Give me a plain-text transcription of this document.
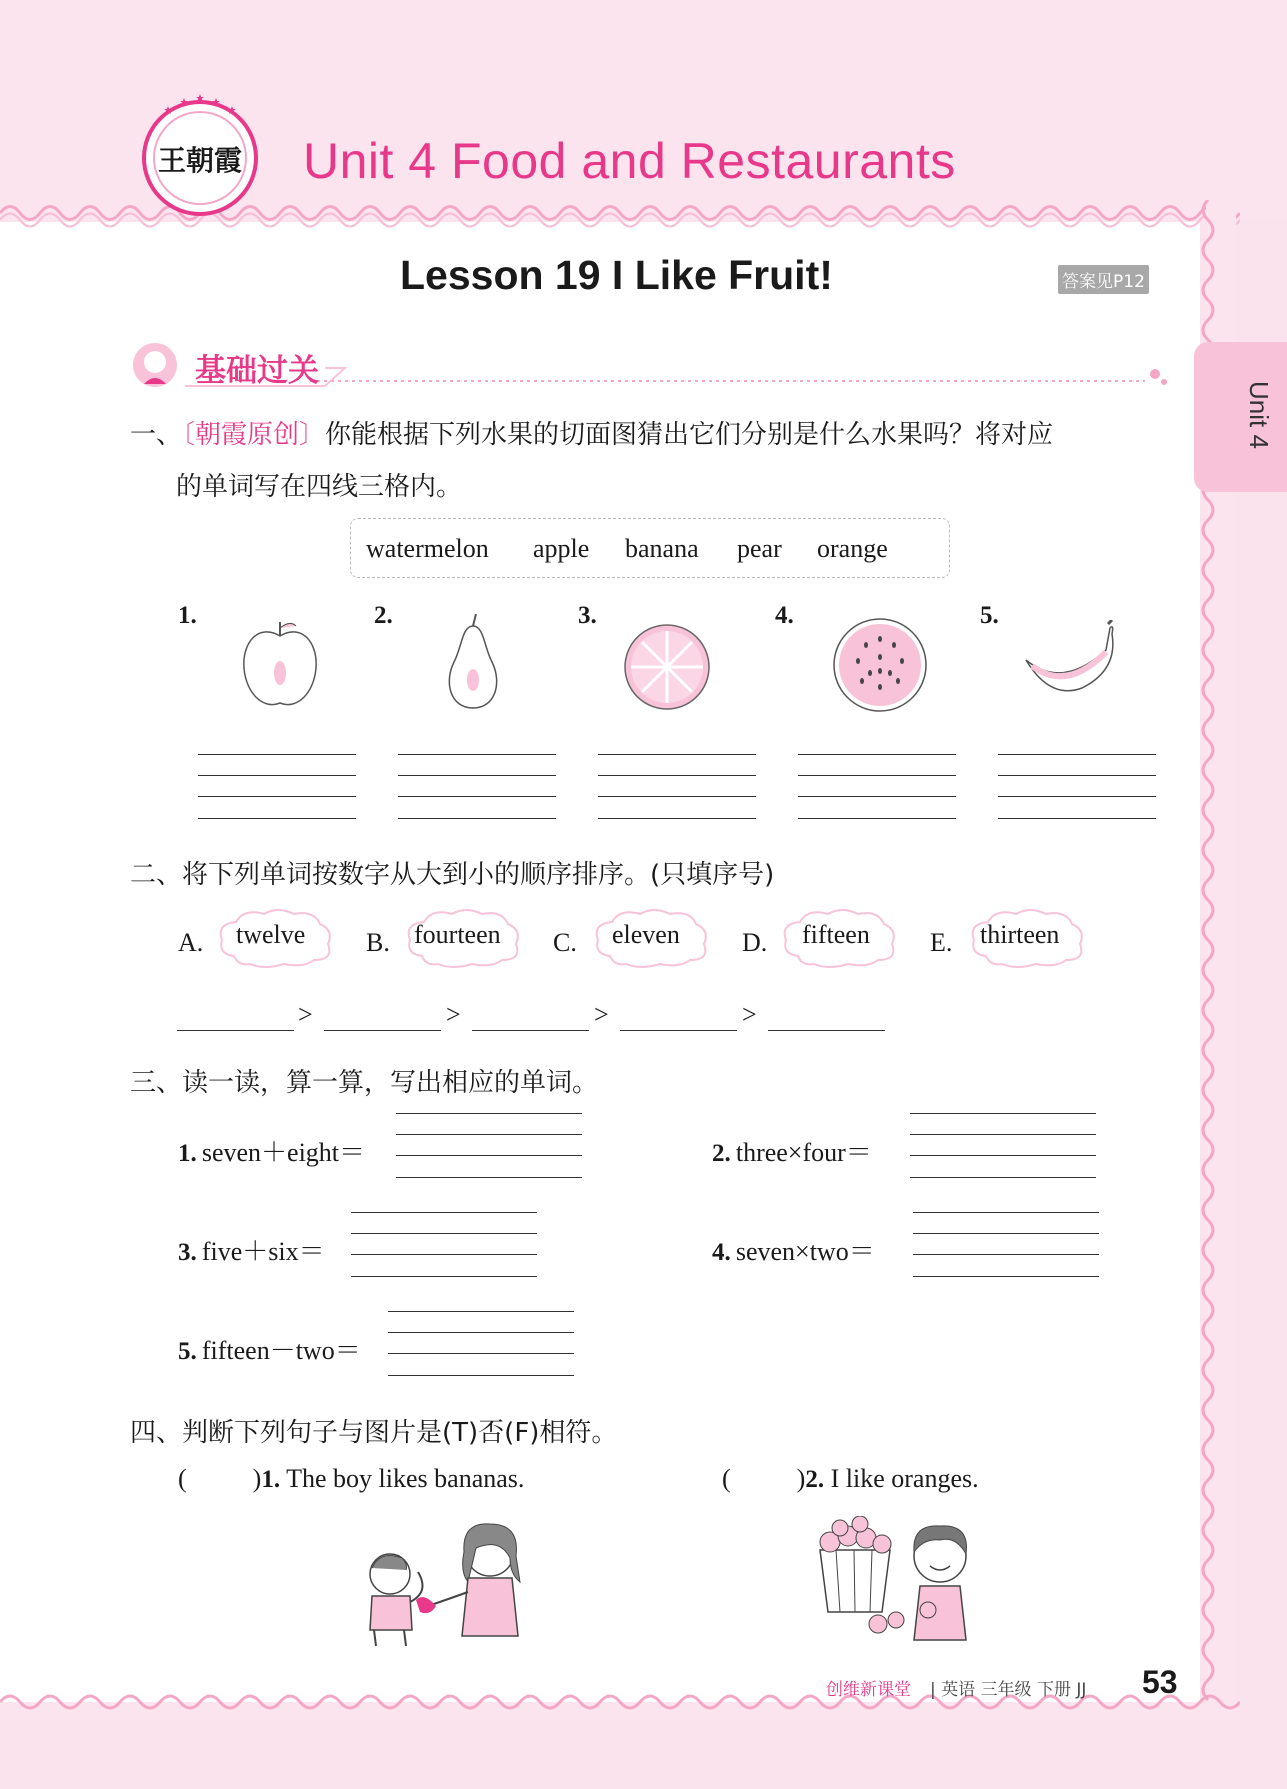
王朝霞 Unit 4 Food and Restaurants
Lesson 19 I Like Fruit!	答案见P12
Unit 4
基础过关
一、〔朝霞原创〕你能根据下列水果的切面图猜出它们分别是什么水果吗？将对应
的单词写在四线三格内。
watermelon apple banana pear orange
1.	2.	3.	4.	5.
二、将下列单词按数字从大到小的顺序排序。(只填序号)
A. twelve B. fourteen C. eleven D. fifteen E. thirteen
>	>	>	>
三、读一读，算一算，写出相应的单词。
1. seven＋eight＝	2. three×four＝
3. five＋six＝	4. seven×two＝
5. fifteen－two＝
四、判断下列句子与图片是(T)否(F)相符。
(	)1. The boy likes bananas.	(	)2. I like oranges.
创维新课堂 | 英语 三年级 下册 JJ 53
